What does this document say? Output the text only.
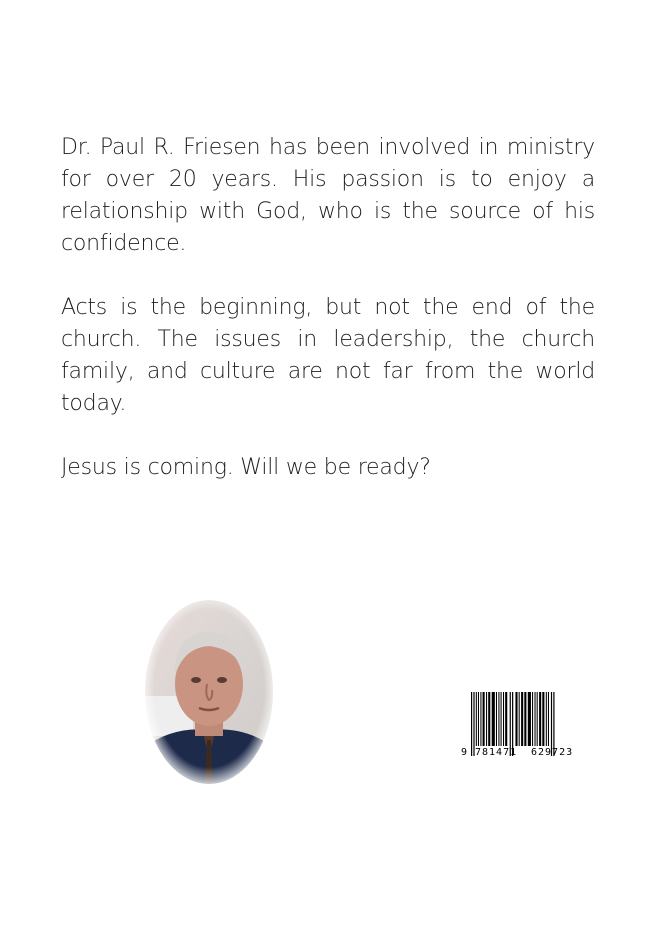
Dr. Paul R. Friesen has been involved in ministry for over 20 years. His passion is to enjoy a relationship with God, who is the source of his confidence.

Acts is the beginning, but not the end of the church. The issues in leadership, the church family, and culture are not far from the world today.

Jesus is coming. Will we be ready?

9 781471 629723
